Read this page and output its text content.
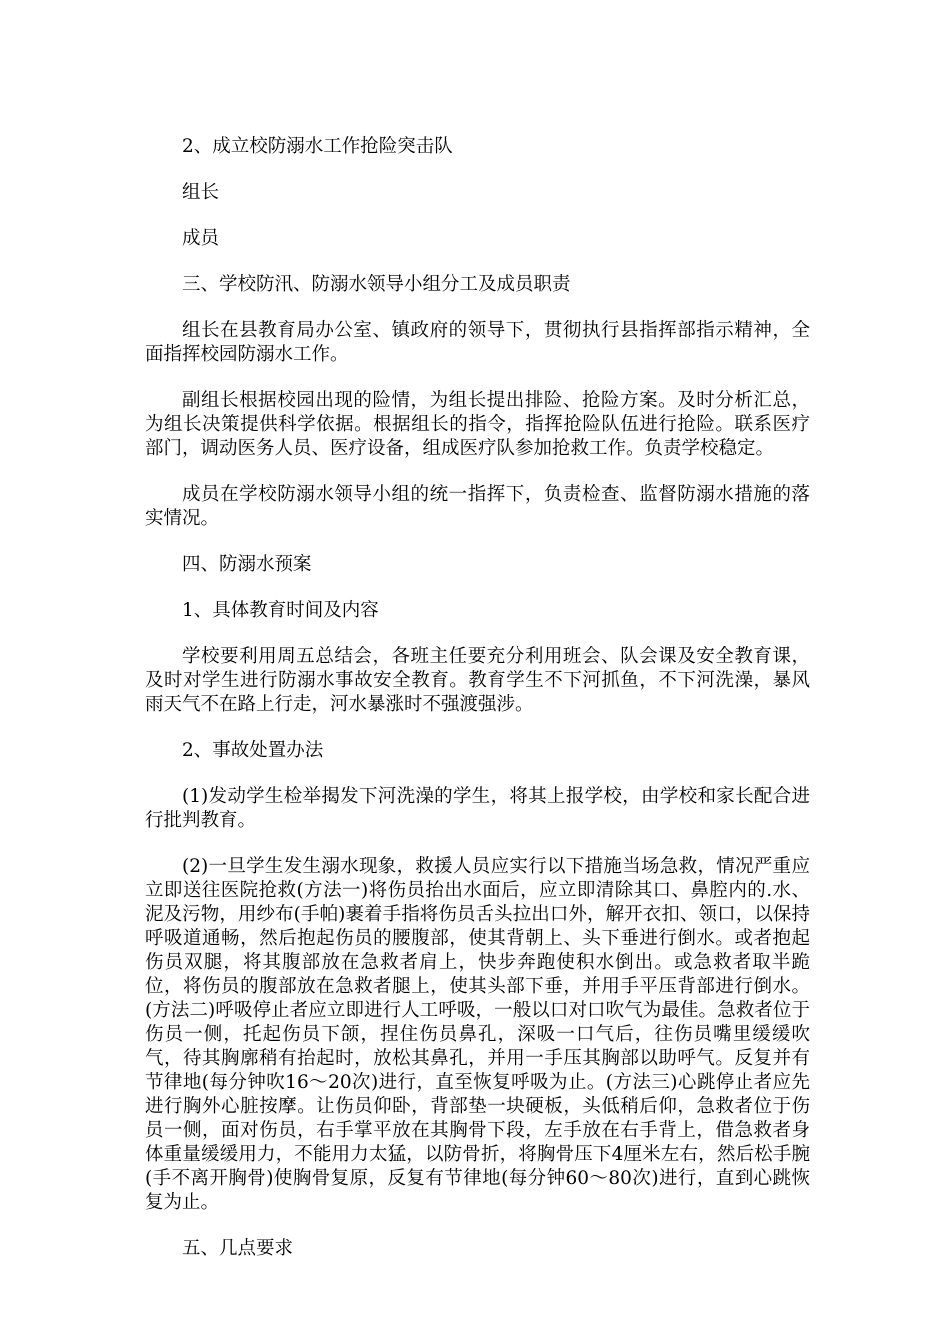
2、成立校防溺水工作抢险突击队

组长

成员

三、学校防汛、防溺水领导小组分工及成员职责

组长在县教育局办公室、镇政府的领导下，贯彻执行县指挥部指示精神，全面指挥校园防溺水工作。

副组长根据校园出现的险情，为组长提出排险、抢险方案。及时分析汇总，为组长决策提供科学依据。根据组长的指令，指挥抢险队伍进行抢险。联系医疗部门，调动医务人员、医疗设备，组成医疗队参加抢救工作。负责学校稳定。

成员在学校防溺水领导小组的统一指挥下，负责检查、监督防溺水措施的落实情况。

四、防溺水预案

1、具体教育时间及内容

学校要利用周五总结会，各班主任要充分利用班会、队会课及安全教育课，及时对学生进行防溺水事故安全教育。教育学生不下河抓鱼，不下河洗澡，暴风雨天气不在路上行走，河水暴涨时不强渡强涉。

2、事故处置办法

(1)发动学生检举揭发下河洗澡的学生，将其上报学校，由学校和家长配合进行批判教育。

(2)一旦学生发生溺水现象，救援人员应实行以下措施当场急救，情况严重应立即送往医院抢救(方法一)将伤员抬出水面后，应立即清除其口、鼻腔内的.水、泥及污物，用纱布(手帕)裹着手指将伤员舌头拉出口外，解开衣扣、领口，以保持呼吸道通畅，然后抱起伤员的腰腹部，使其背朝上、头下垂进行倒水。或者抱起伤员双腿，将其腹部放在急救者肩上，快步奔跑使积水倒出。或急救者取半跪位，将伤员的腹部放在急救者腿上，使其头部下垂，并用手平压背部进行倒水。(方法二)呼吸停止者应立即进行人工呼吸，一般以口对口吹气为最佳。急救者位于伤员一侧，托起伤员下颌，捏住伤员鼻孔，深吸一口气后，往伤员嘴里缓缓吹气，待其胸廓稍有抬起时，放松其鼻孔，并用一手压其胸部以助呼气。反复并有节律地(每分钟吹16～20次)进行，直至恢复呼吸为止。(方法三)心跳停止者应先进行胸外心脏按摩。让伤员仰卧，背部垫一块硬板，头低稍后仰，急救者位于伤员一侧，面对伤员，右手掌平放在其胸骨下段，左手放在右手背上，借急救者身体重量缓缓用力，不能用力太猛，以防骨折，将胸骨压下4厘米左右，然后松手腕(手不离开胸骨)使胸骨复原，反复有节律地(每分钟60～80次)进行，直到心跳恢复为止。

五、几点要求
